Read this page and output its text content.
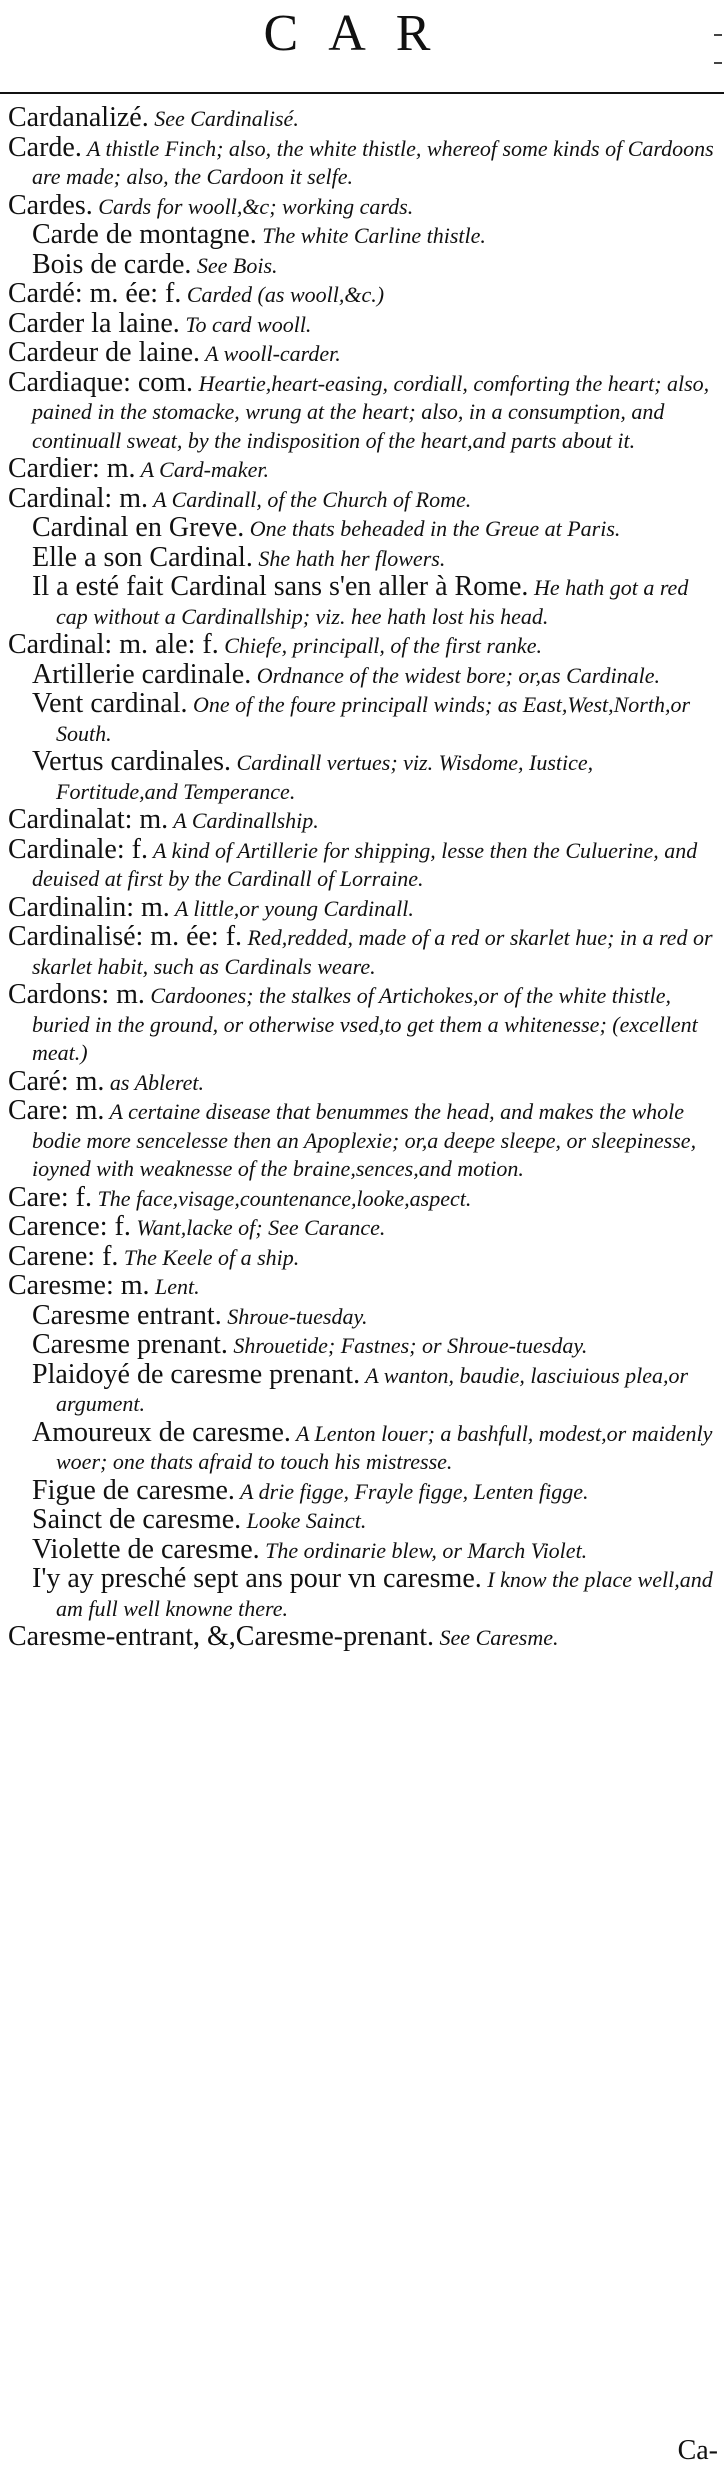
CAR

Cardanalizé. See Cardinalisé.

Carde. A thistle Finch; also, the white thistle, whereof some kinds of Cardoons are made; also, the Cardoon it selfe.

Cardes. Cards for wooll,&c; working cards.

Carde de montagne. The white Carline thistle.

Bois de carde. See Bois.

Cardé: m. ée: f. Carded (as wooll,&c.)

Carder la laine. To card wooll.

Cardeur de laine. A wooll-carder.

Cardiaque: com. Heartie,heart-easing, cordiall, comforting the heart; also, pained in the stomacke, wrung at the heart; also, in a consumption, and continuall sweat, by the indisposition of the heart,and parts about it.

Cardier: m. A Card-maker.

Cardinal: m. A Cardinall, of the Church of Rome.

Cardinal en Greve. One thats beheaded in the Greue at Paris.

Elle a son Cardinal. She hath her flowers.

Il a esté fait Cardinal sans s'en aller à Rome. He hath got a red cap without a Cardinallship; viz. hee hath lost his head.

Cardinal: m. ale: f. Chiefe, principall, of the first ranke.

Artillerie cardinale. Ordnance of the widest bore; or,as Cardinale.

Vent cardinal. One of the foure principall winds; as East,West,North,or South.

Vertus cardinales. Cardinall vertues; viz. Wisdome, Iustice, Fortitude,and Temperance.

Cardinalat: m. A Cardinallship.

Cardinale: f. A kind of Artillerie for shipping, lesse then the Culuerine, and deuised at first by the Cardinall of Lorraine.

Cardinalin: m. A little,or young Cardinall.

Cardinalisé: m. ée: f. Red,redded, made of a red or skarlet hue; in a red or skarlet habit, such as Cardinals weare.

Cardons: m. Cardoones; the stalkes of Artichokes,or of the white thistle, buried in the ground, or otherwise vsed,to get them a whitenesse; (excellent meat.)

Caré: m. as Ableret.

Care: m. A certaine disease that benummes the head, and makes the whole bodie more sencelesse then an Apoplexie; or,a deepe sleepe, or sleepinesse, ioyned with weaknesse of the braine,sences,and motion.

Care: f. The face,visage,countenance,looke,aspect.

Carence: f. Want,lacke of; See Carance.

Carene: f. The Keele of a ship.

Caresme: m. Lent.

Caresme entrant. Shroue-tuesday.

Caresme prenant. Shrouetide; Fastnes; or Shroue-tuesday.

Plaidoyé de caresme prenant. A wanton, baudie, lasciuious plea,or argument.

Amoureux de caresme. A Lenton louer; a bashfull, modest,or maidenly woer; one thats afraid to touch his mistresse.

Figue de caresme. A drie figge, Frayle figge, Lenten figge.

Sainct de caresme. Looke Sainct.

Violette de caresme. The ordinarie blew, or March Violet.

I'y ay presché sept ans pour vn caresme. I know the place well,and am full well knowne there.

Caresme-entrant, &,Caresme-prenant. See Caresme.

Ca-
